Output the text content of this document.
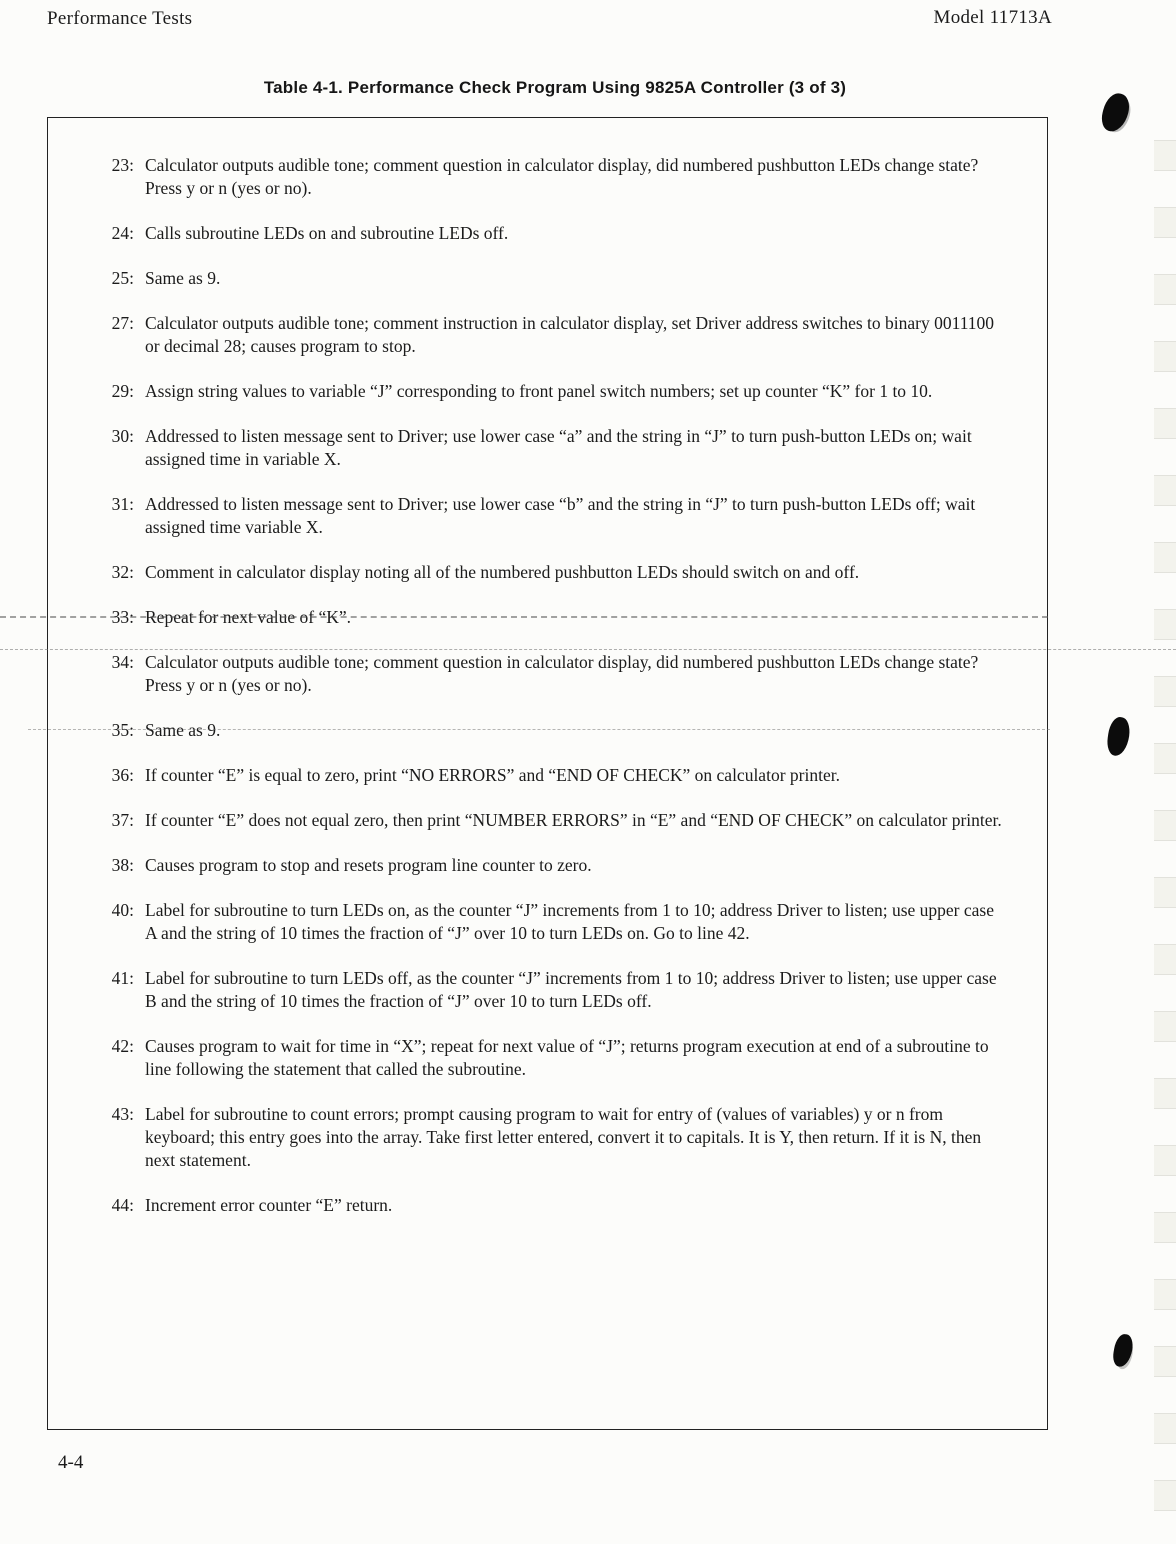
Performance Tests	Model 11713A
Table 4-1. Performance Check Program Using 9825A Controller (3 of 3)
23: Calculator outputs audible tone; comment question in calculator display, did numbered pushbutton LEDs change state? Press y or n (yes or no).
24: Calls subroutine LEDs on and subroutine LEDs off.
25: Same as 9.
27: Calculator outputs audible tone; comment instruction in calculator display, set Driver address switches to binary 0011100 or decimal 28; causes program to stop.
29: Assign string values to variable “J” corresponding to front panel switch numbers; set up counter “K” for 1 to 10.
30: Addressed to listen message sent to Driver; use lower case “a” and the string in “J” to turn push-button LEDs on; wait assigned time in variable X.
31: Addressed to listen message sent to Driver; use lower case “b” and the string in “J” to turn push-button LEDs off; wait assigned time variable X.
32: Comment in calculator display noting all of the numbered pushbutton LEDs should switch on and off.
33: Repeat for next value of “K”.
34: Calculator outputs audible tone; comment question in calculator display, did numbered pushbutton LEDs change state? Press y or n (yes or no).
35: Same as 9.
36: If counter “E” is equal to zero, print “NO ERRORS” and “END OF CHECK” on calculator printer.
37: If counter “E” does not equal zero, then print “NUMBER ERRORS” in “E” and “END OF CHECK” on calculator printer.
38: Causes program to stop and resets program line counter to zero.
40: Label for subroutine to turn LEDs on, as the counter “J” increments from 1 to 10; address Driver to listen; use upper case A and the string of 10 times the fraction of “J” over 10 to turn LEDs on. Go to line 42.
41: Label for subroutine to turn LEDs off, as the counter “J” increments from 1 to 10; address Driver to listen; use upper case B and the string of 10 times the fraction of “J” over 10 to turn LEDs off.
42: Causes program to wait for time in “X”; repeat for next value of “J”; returns program execution at end of a subroutine to line following the statement that called the subroutine.
43: Label for subroutine to count errors; prompt causing program to wait for entry of (values of variables) y or n from keyboard; this entry goes into the array. Take first letter entered, convert it to capitals. It is Y, then return. If it is N, then next statement.
44: Increment error counter “E” return.
4-4
